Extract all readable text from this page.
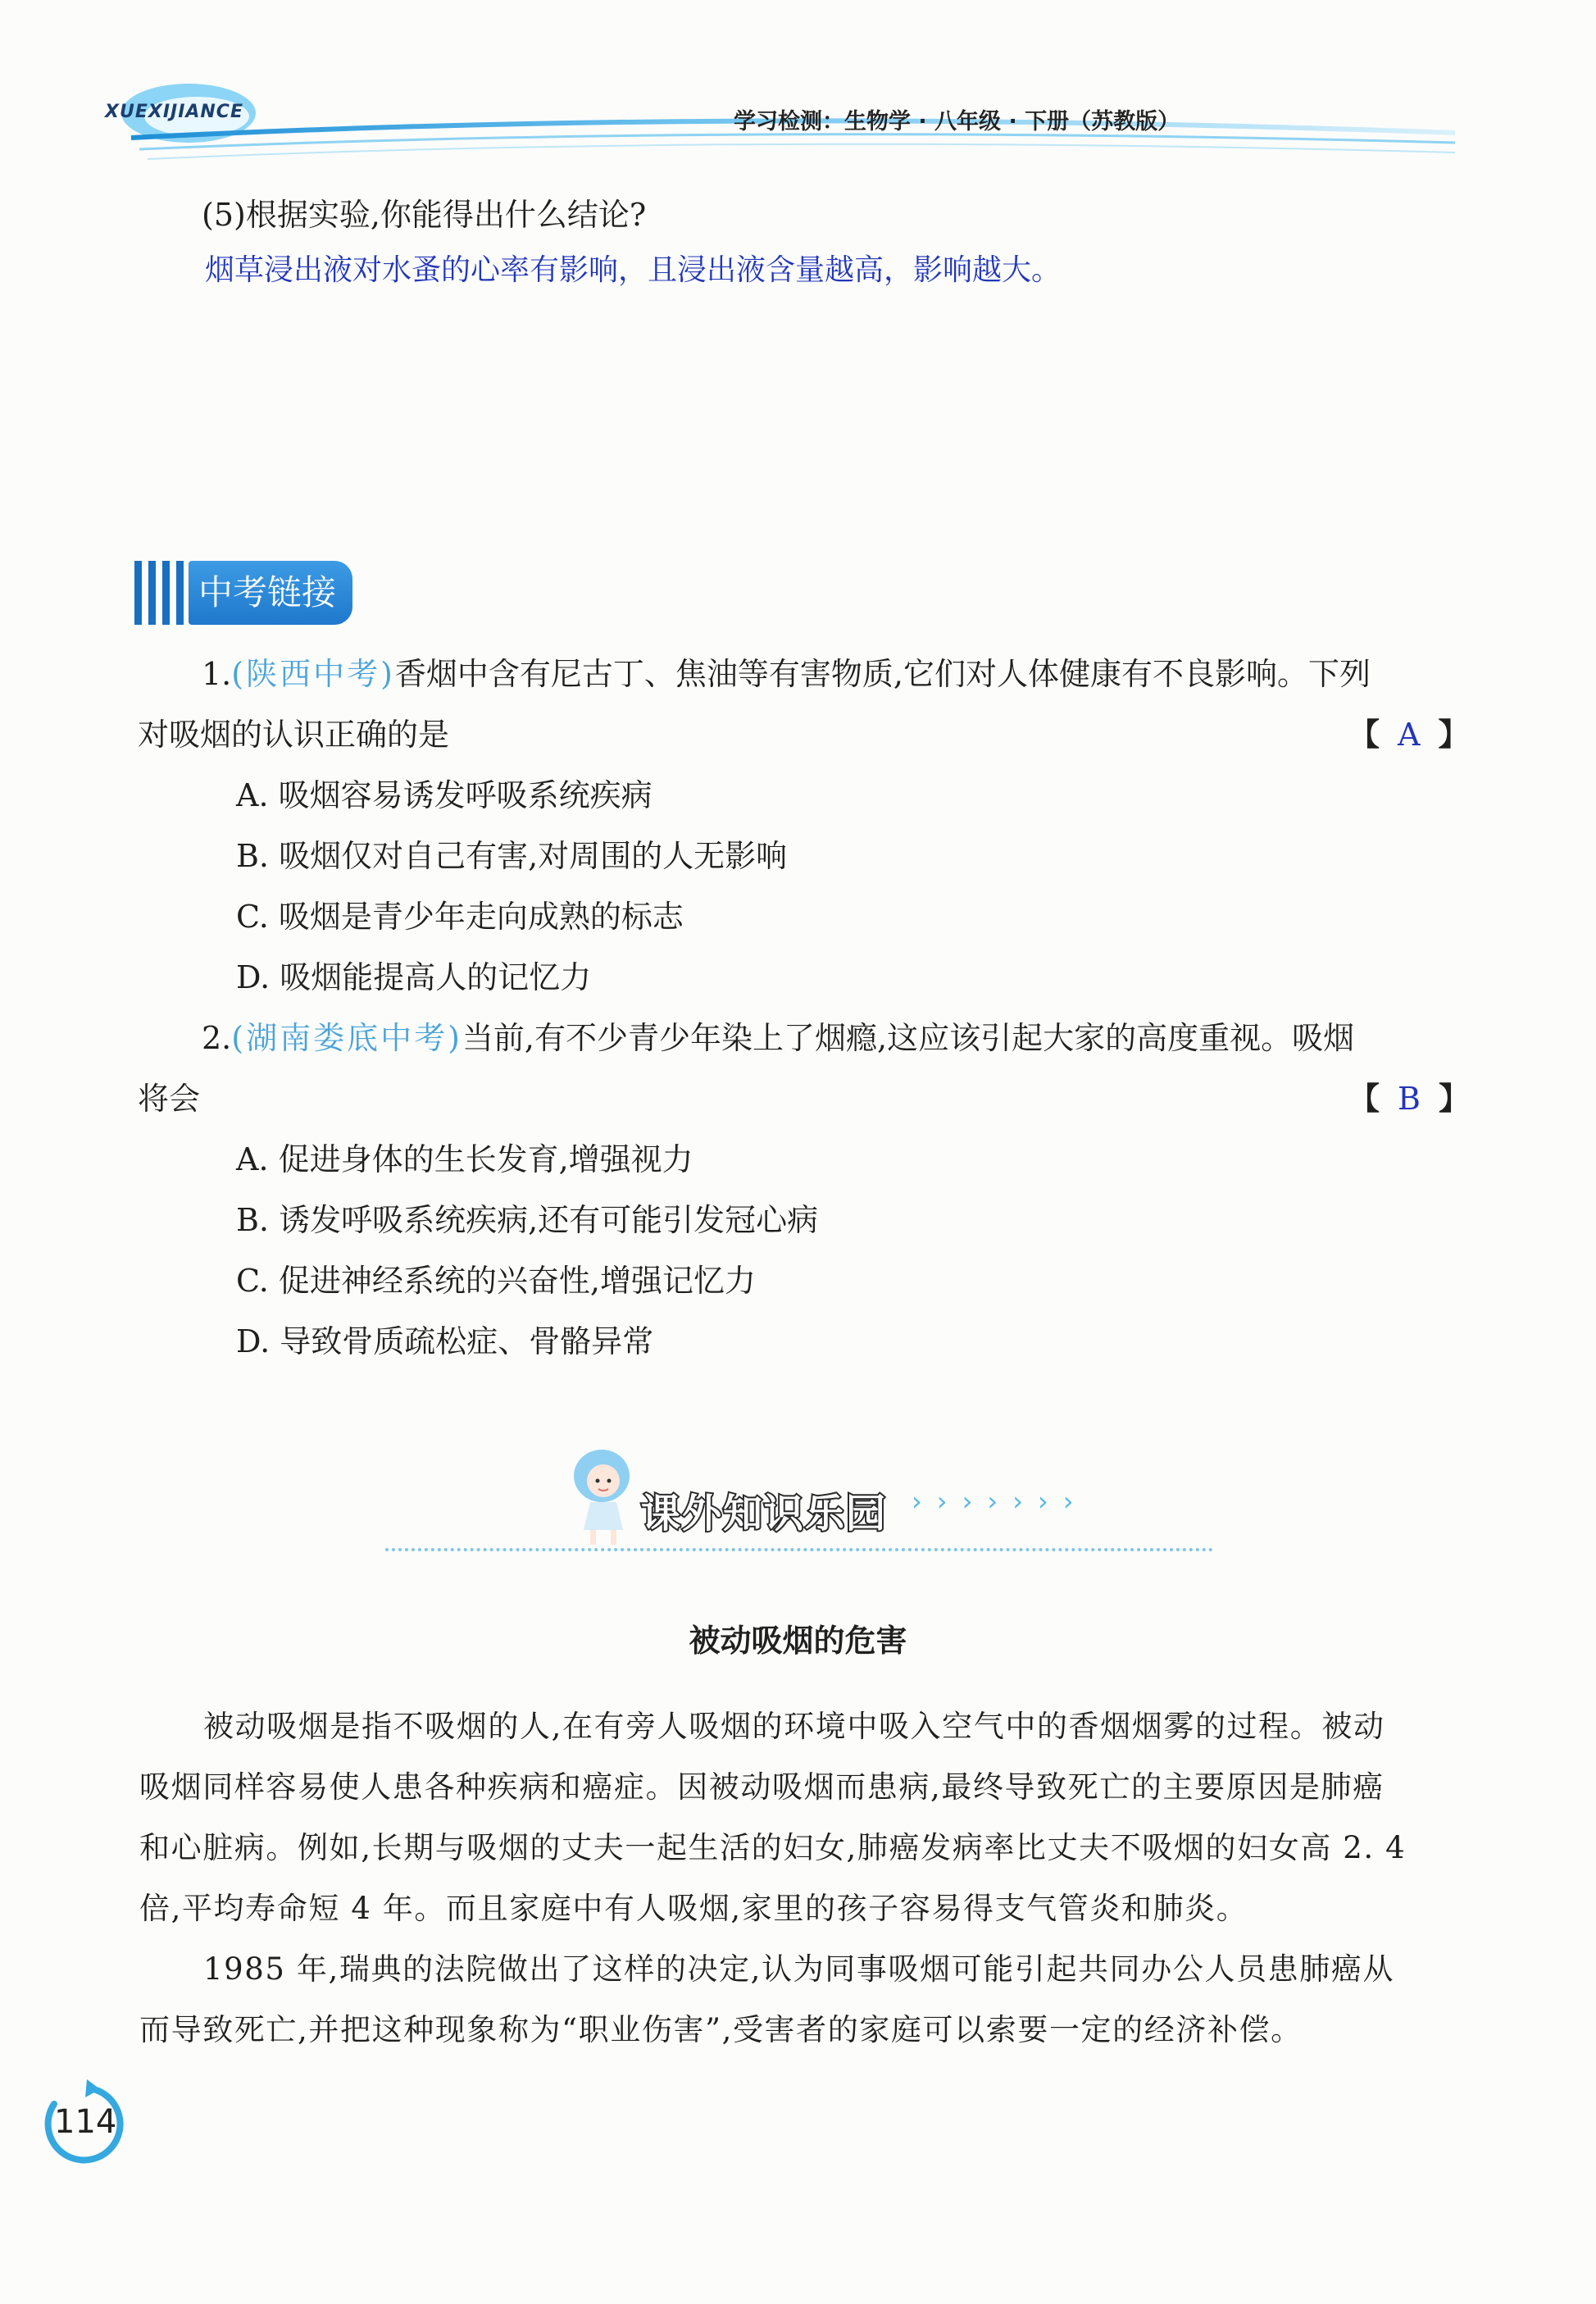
XUEXIJIANCE	学习检测：生物学 · 八年级 · 下册（苏教版）
(5)根据实验,你能得出什么结论?
烟草浸出液对水蚤的心率有影响，且浸出液含量越高，影响越大。
中考链接
1.(陕西中考)香烟中含有尼古丁、焦油等有害物质,它们对人体健康有不良影响。下列
对吸烟的认识正确的是	【 A 】
A. 吸烟容易诱发呼吸系统疾病
B. 吸烟仅对自己有害,对周围的人无影响
C. 吸烟是青少年走向成熟的标志
D. 吸烟能提高人的记忆力
2.(湖南娄底中考)当前,有不少青少年染上了烟瘾,这应该引起大家的高度重视。吸烟
将会	【 B 】
A. 促进身体的生长发育,增强视力
B. 诱发呼吸系统疾病,还有可能引发冠心病
C. 促进神经系统的兴奋性,增强记忆力
D. 导致骨质疏松症、骨骼异常
课外知识乐园 ›››››››
被动吸烟的危害
被动吸烟是指不吸烟的人,在有旁人吸烟的环境中吸入空气中的香烟烟雾的过程。被动
吸烟同样容易使人患各种疾病和癌症。因被动吸烟而患病,最终导致死亡的主要原因是肺癌
和心脏病。例如,长期与吸烟的丈夫一起生活的妇女,肺癌发病率比丈夫不吸烟的妇女高 2. 4
倍,平均寿命短 4 年。而且家庭中有人吸烟,家里的孩子容易得支气管炎和肺炎。
1985 年,瑞典的法院做出了这样的决定,认为同事吸烟可能引起共同办公人员患肺癌从
而导致死亡,并把这种现象称为“职业伤害”,受害者的家庭可以索要一定的经济补偿。
114
